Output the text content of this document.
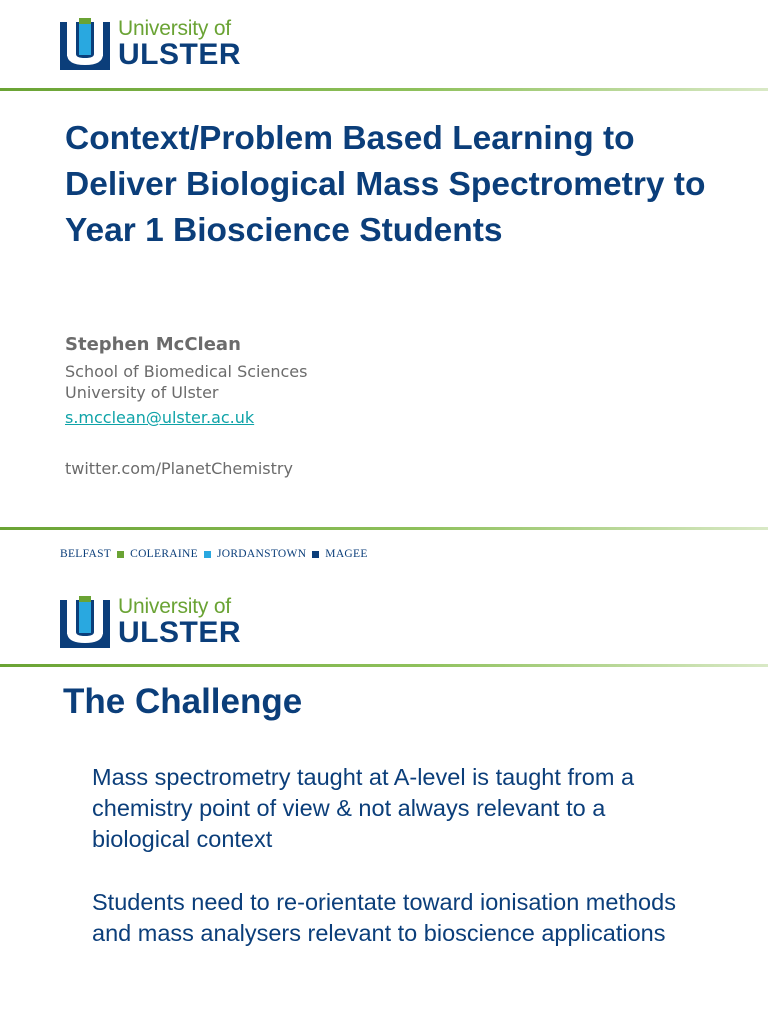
University of
ULSTER
Context/Problem Based Learning to Deliver Biological Mass Spectrometry to Year 1 Bioscience Students
Stephen McClean
School of Biomedical Sciences
University of Ulster
s.mcclean@ulster.ac.uk
twitter.com/PlanetChemistry
BELFAST COLERAINE JORDANSTOWN MAGEE
University of
ULSTER
The Challenge

Mass spectrometry taught at A-level is taught from a chemistry point of view & not always relevant to a biological context

Students need to re-orientate toward ionisation methods and mass analysers relevant to bioscience applications
